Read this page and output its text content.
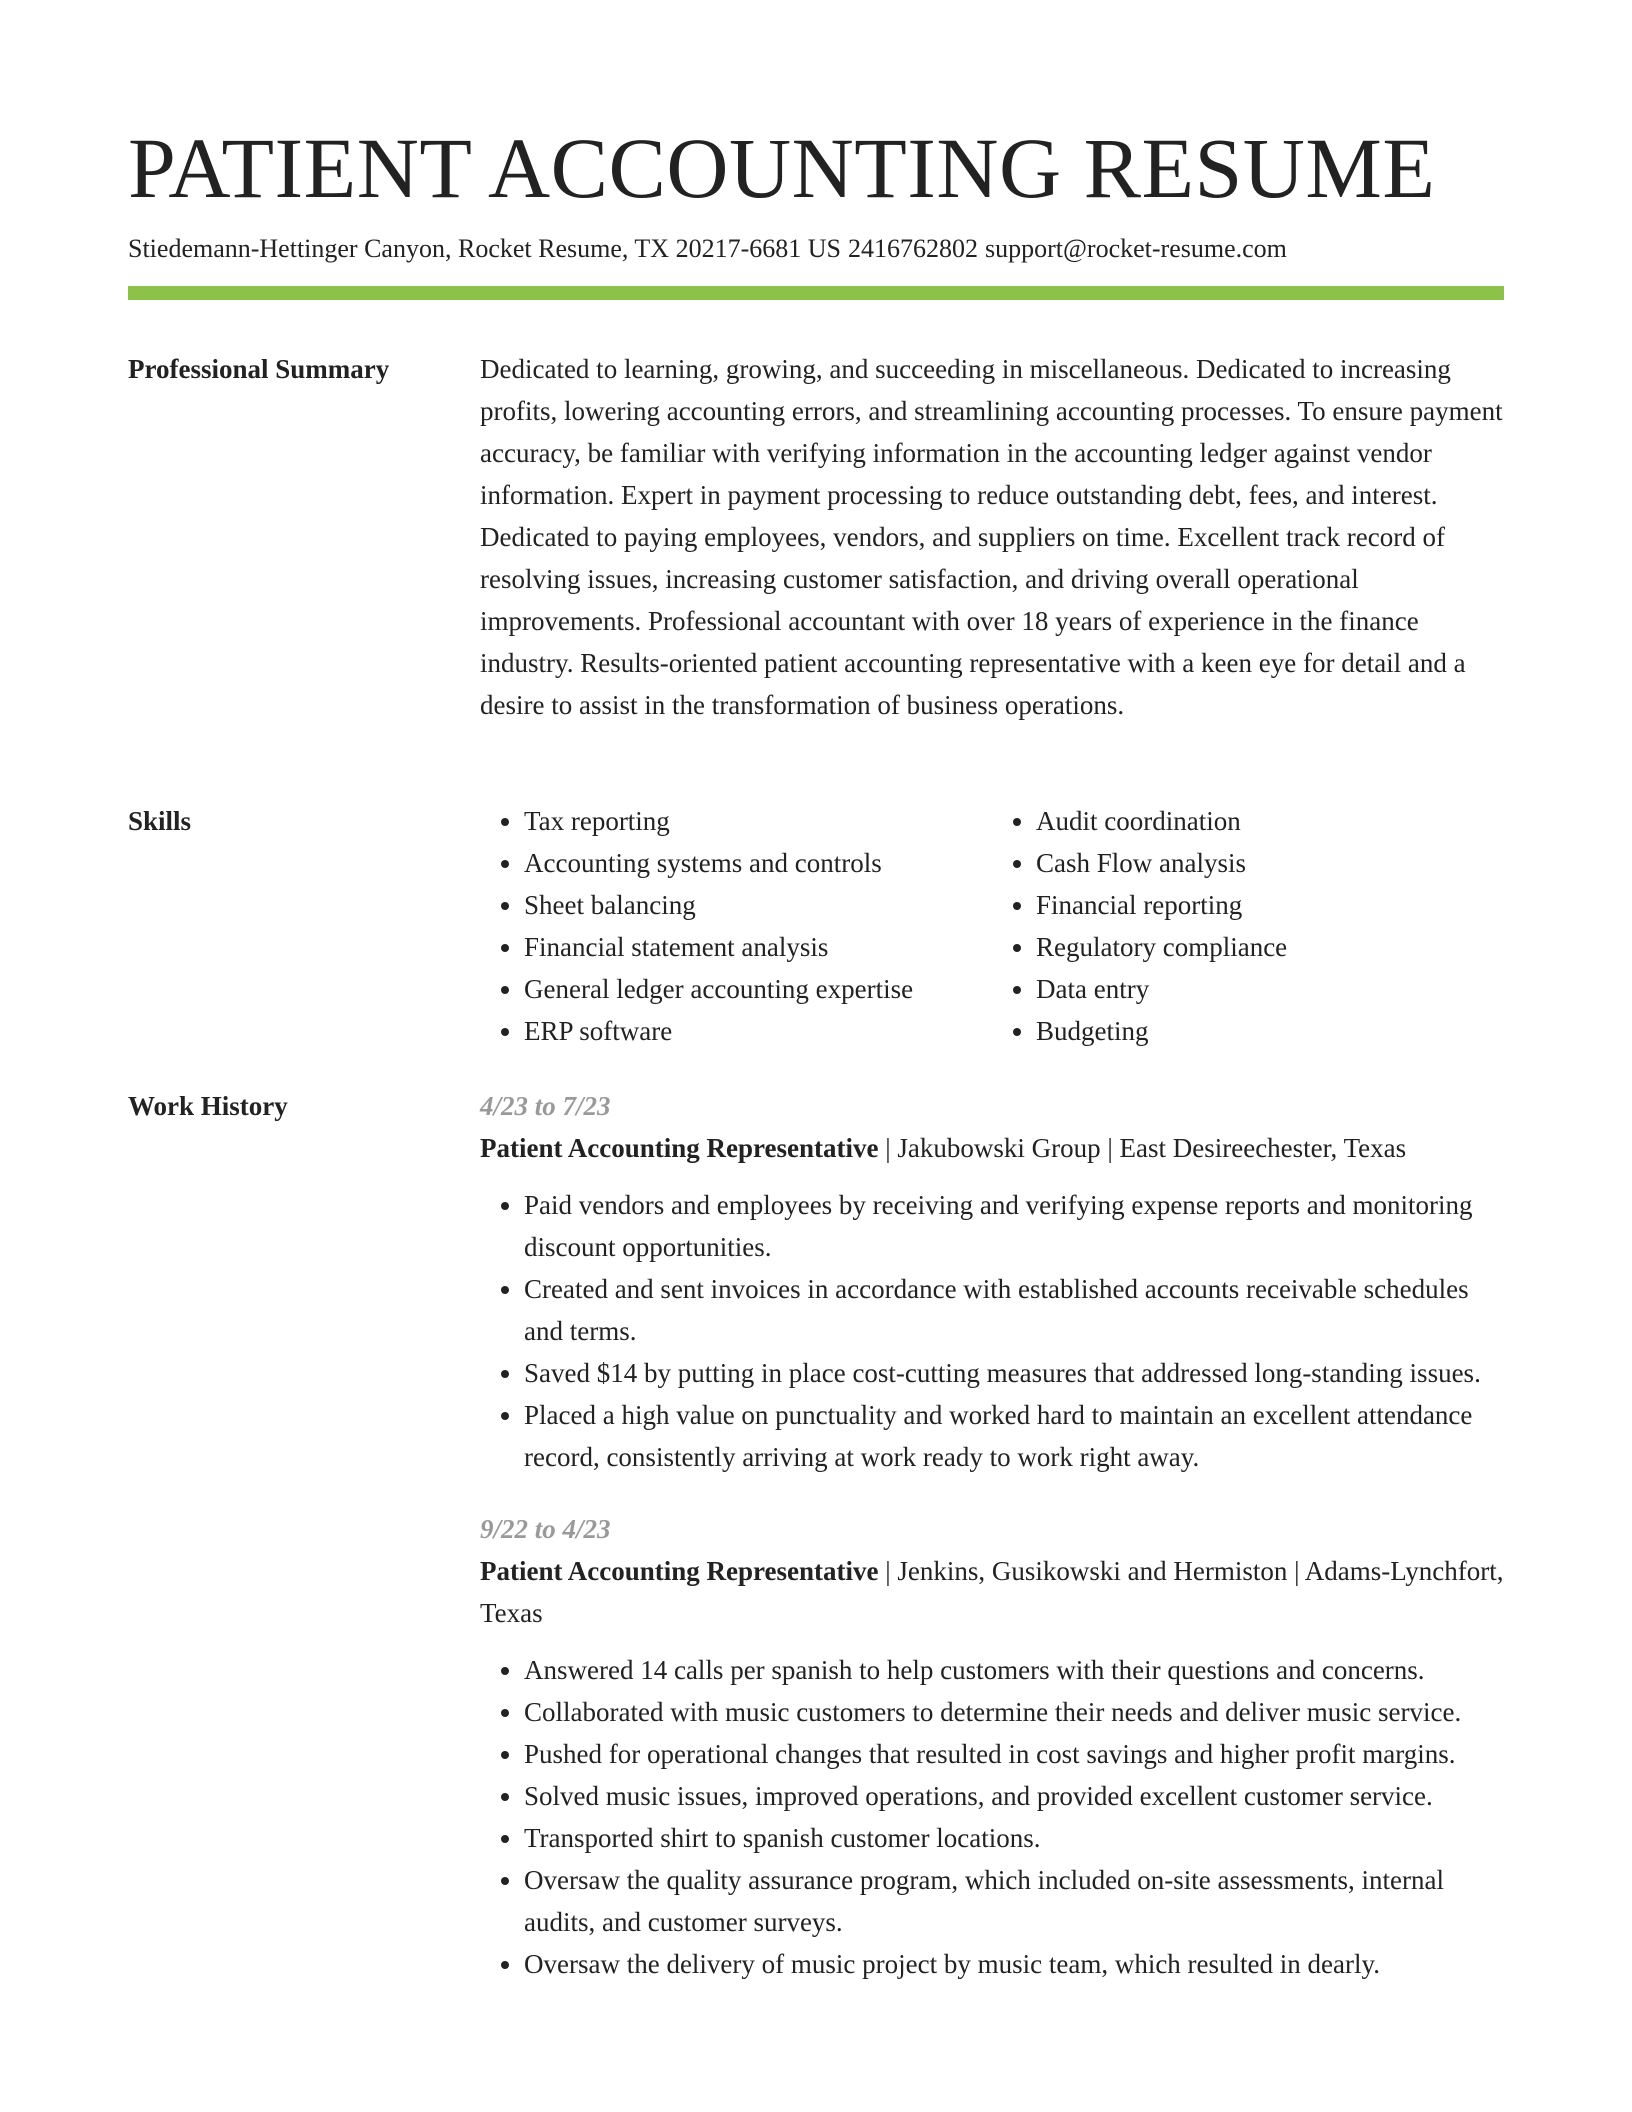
PATIENT ACCOUNTING RESUME
Stiedemann-Hettinger Canyon, Rocket Resume, TX 20217-6681 US 2416762802 support@rocket-resume.com
Professional Summary	Dedicated to learning, growing, and succeeding in miscellaneous. Dedicated to increasing profits, lowering accounting errors, and streamlining accounting processes. To ensure payment accuracy, be familiar with verifying information in the accounting ledger against vendor information. Expert in payment processing to reduce outstanding debt, fees, and interest. Dedicated to paying employees, vendors, and suppliers on time. Excellent track record of resolving issues, increasing customer satisfaction, and driving overall operational improvements. Professional accountant with over 18 years of experience in the finance industry. Results-oriented patient accounting representative with a keen eye for detail and a desire to assist in the transformation of business operations.

Skills
•	Tax reporting
• Accounting systems and controls
• Sheet balancing
• Financial statement analysis
• General ledger accounting expertise
• ERP software
• Audit coordination
• Cash Flow analysis
• Financial reporting
• Regulatory compliance
• Data entry
• Budgeting
Work History	4/23 to 7/23
Patient Accounting Representative | Jakubowski Group | East Desireechester, Texas
• Paid vendors and employees by receiving and verifying expense reports and monitoring discount opportunities.
• Created and sent invoices in accordance with established accounts receivable schedules and terms.
• Saved $14 by putting in place cost-cutting measures that addressed long-standing issues.
• Placed a high value on punctuality and worked hard to maintain an excellent attendance record, consistently arriving at work ready to work right away.
9/22 to 4/23
Patient Accounting Representative | Jenkins, Gusikowski and Hermiston | Adams-Lynchfort, Texas
• Answered 14 calls per spanish to help customers with their questions and concerns.
• Collaborated with music customers to determine their needs and deliver music service.
• Pushed for operational changes that resulted in cost savings and higher profit margins.
• Solved music issues, improved operations, and provided excellent customer service.
• Transported shirt to spanish customer locations.
• Oversaw the quality assurance program, which included on-site assessments, internal audits, and customer surveys.
• Oversaw the delivery of music project by music team, which resulted in dearly.
